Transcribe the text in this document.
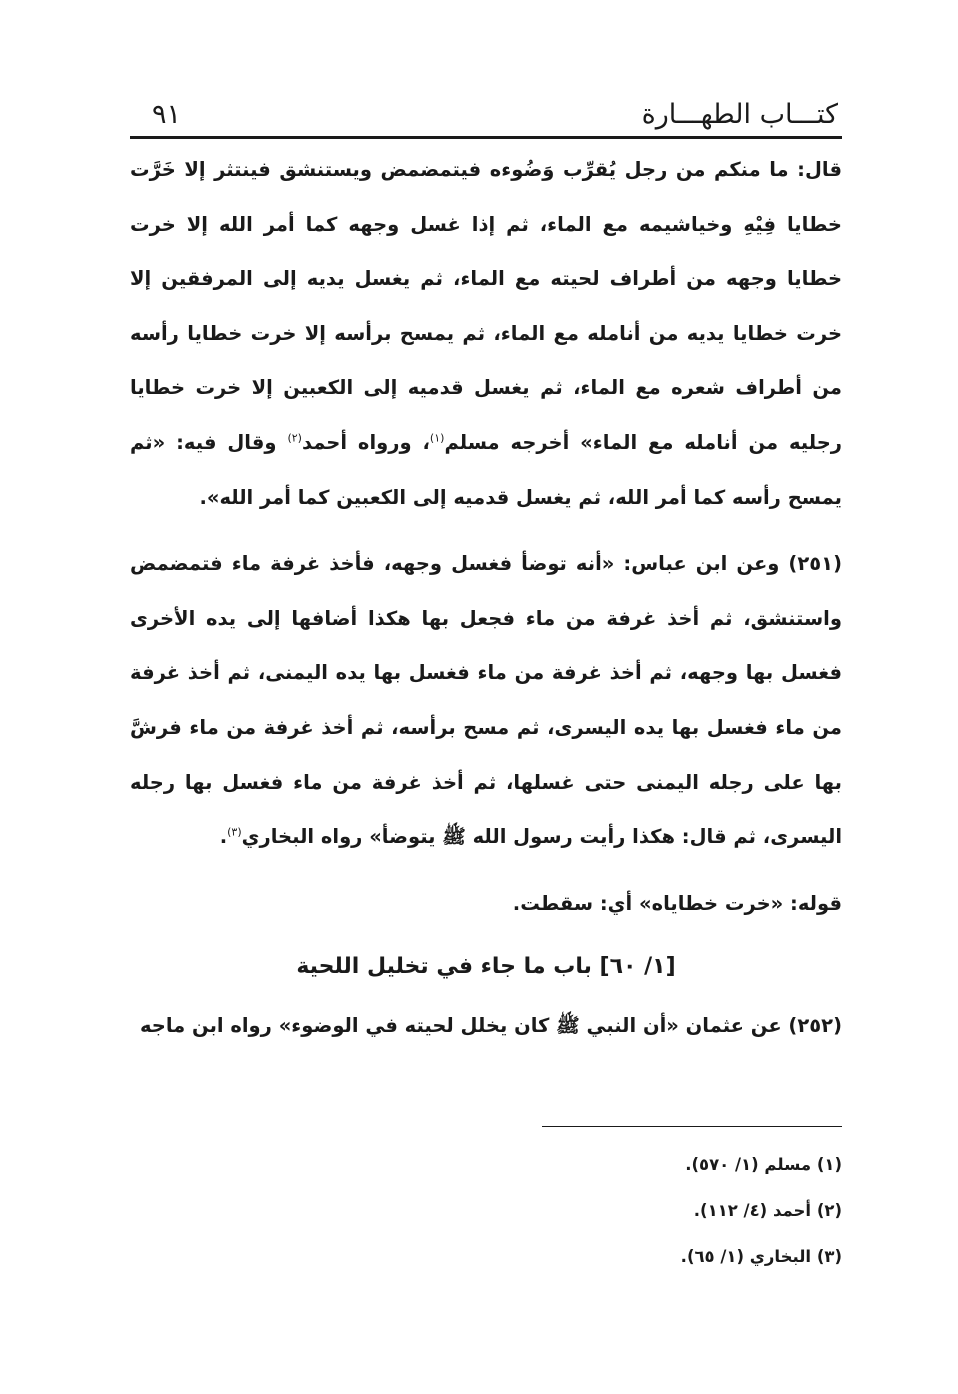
كتـــاب الطهـــارة
٩١

قال: ما منكم من رجل يُقرِّب وَضُوءه فيتمضمض ويستنشق فينتثر إلا خَرَّت خطايا فِيْهِ وخياشيمه مع الماء، ثم إذا غسل وجهه كما أمر الله إلا خرت خطايا وجهه من أطراف لحيته مع الماء، ثم يغسل يديه إلى المرفقين إلا خرت خطايا يديه من أنامله مع الماء، ثم يمسح برأسه إلا خرت خطايا رأسه من أطراف شعره مع الماء، ثم يغسل قدميه إلى الكعبين إلا خرت خطايا رجليه من أنامله مع الماء» أخرجه مسلم$^{(١)}$، ورواه أحمد$^{(٢)}$ وقال فيه: «ثم يمسح رأسه كما أمر الله، ثم يغسل قدميه إلى الكعبين كما أمر الله».

(٢٥١) وعن ابن عباس: «أنه توضأ فغسل وجهه، فأخذ غرفة ماء فتمضمض واستنشق، ثم أخذ غرفة من ماء فجعل بها هكذا أضافها إلى يده الأخرى فغسل بها وجهه، ثم أخذ غرفة من ماء فغسل بها يده اليمنى، ثم أخذ غرفة من ماء فغسل بها يده اليسرى، ثم مسح برأسه، ثم أخذ غرفة من ماء فرشَّ بها على رجله اليمنى حتى غسلها، ثم أخذ غرفة من ماء فغسل بها رجله اليسرى، ثم قال: هكذا رأيت رسول الله ﷺ يتوضأ» رواه البخاري$^{(٣)}$.

قوله: «خرت خطاياه» أي: سقطت.

[١/ ٦٠] باب ما جاء في تخليل اللحية

(٢٥٢) عن عثمان «أن النبي ﷺ كان يخلل لحيته في الوضوء» رواه ابن ماجه

(١) مسلم (١/ ٥٧٠).

(٢) أحمد (٤/ ١١٢).

(٣) البخاري (١/ ٦٥).
